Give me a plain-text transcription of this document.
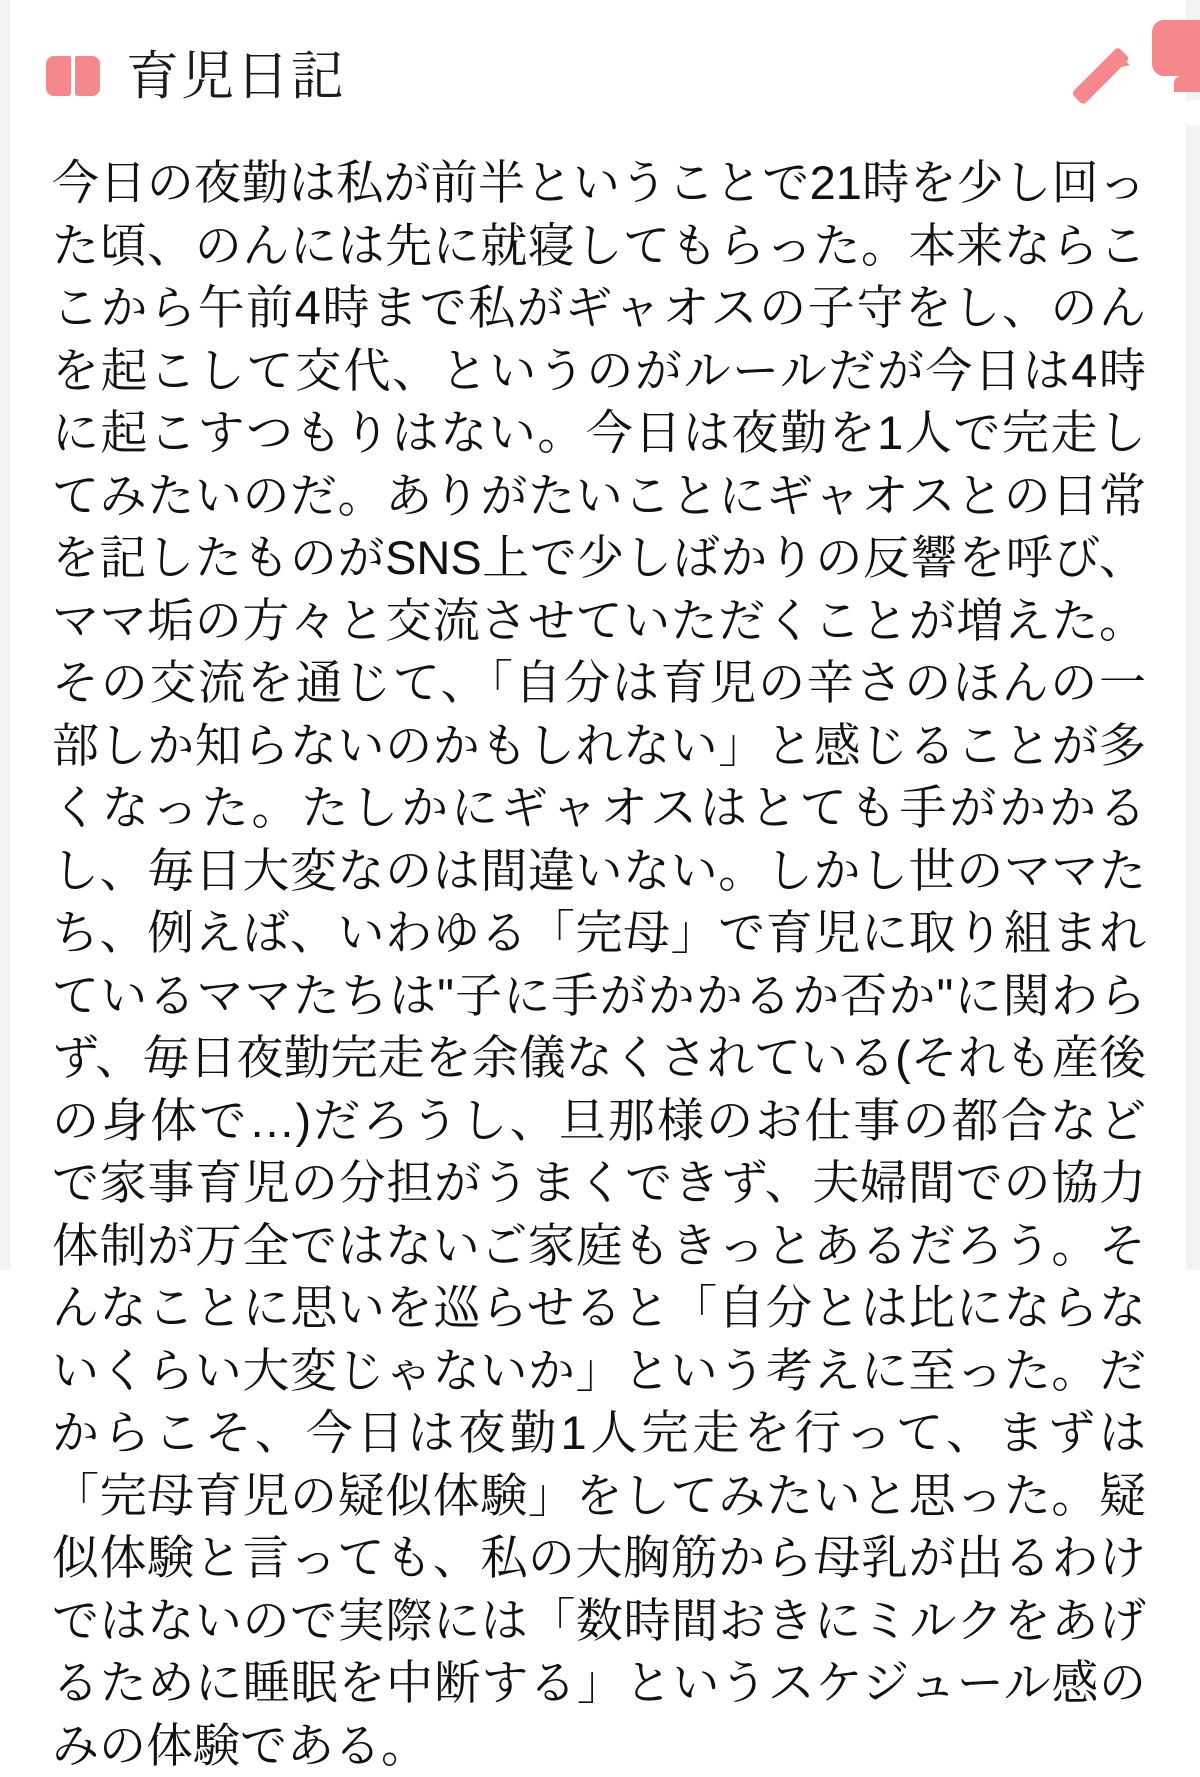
育児日記
今日の夜勤は私が前半ということで21時を少し回った頃、のんには先に就寝してもらった。本来ならここから午前4時まで私がギャオスの子守をし、のんを起こして交代、というのがルールだが今日は4時に起こすつもりはない。今日は夜勤を1人で完走してみたいのだ。ありがたいことにギャオスとの日常を記したものがSNS上で少しばかりの反響を呼び、ママ垢の方々と交流させていただくことが増えた。その交流を通じて、「自分は育児の辛さのほんの一部しか知らないのかもしれない」と感じることが多くなった。たしかにギャオスはとても手がかかるし、毎日大変なのは間違いない。しかし世のママたち、例えば、いわゆる「完母」で育児に取り組まれているママたちは"子に手がかかるか否か"に関わらず、毎日夜勤完走を余儀なくされている(それも産後の身体で…)だろうし、旦那様のお仕事の都合などで家事育児の分担がうまくできず、夫婦間での協力体制が万全ではないご家庭もきっとあるだろう。そんなことに思いを巡らせると「自分とは比にならないくらい大変じゃないか」という考えに至った。だからこそ、今日は夜勤1人完走を行って、まずは「完母育児の疑似体験」をしてみたいと思った。疑似体験と言っても、私の大胸筋から母乳が出るわけではないので実際には「数時間おきにミルクをあげるために睡眠を中断する」というスケジュール感のみの体験である。
